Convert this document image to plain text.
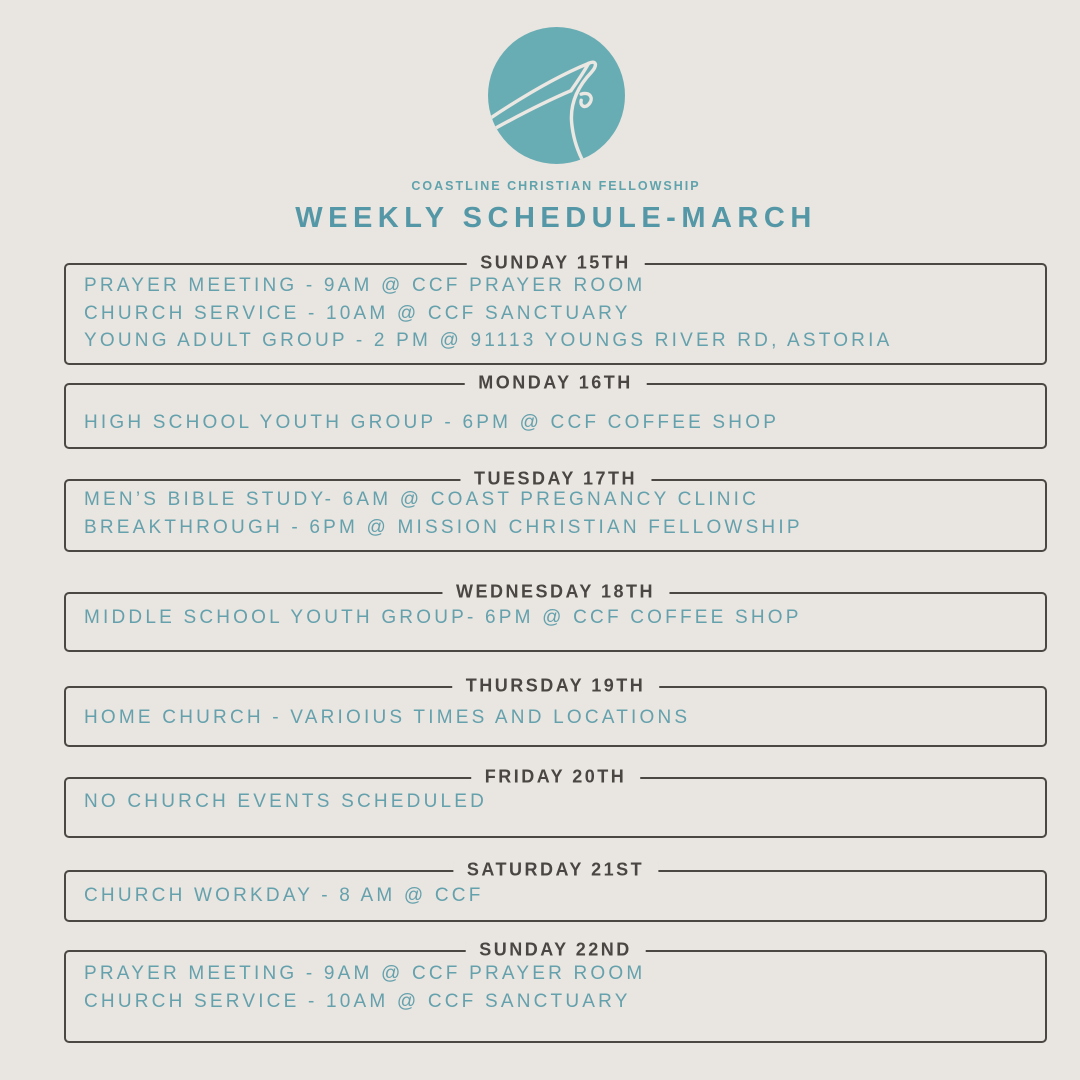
COASTLINE CHRISTIAN FELLOWSHIP
WEEKLY SCHEDULE-MARCH
SUNDAY 15TH

PRAYER MEETING - 9AM @ CCF PRAYER ROOM

CHURCH SERVICE - 10AM @ CCF SANCTUARY

YOUNG ADULT GROUP - 2 PM @ 91113 YOUNGS RIVER RD, ASTORIA

MONDAY 16TH

HIGH SCHOOL YOUTH GROUP - 6PM @ CCF COFFEE SHOP

TUESDAY 17TH

MEN’S BIBLE STUDY- 6AM @ COAST PREGNANCY CLINIC

BREAKTHROUGH - 6PM @ MISSION CHRISTIAN FELLOWSHIP

WEDNESDAY 18TH

MIDDLE SCHOOL YOUTH GROUP- 6PM @ CCF COFFEE SHOP

THURSDAY 19TH

HOME CHURCH - VARIOIUS TIMES AND LOCATIONS

FRIDAY 20TH

NO CHURCH EVENTS SCHEDULED

SATURDAY 21ST

CHURCH WORKDAY - 8 AM @ CCF

SUNDAY 22ND

PRAYER MEETING - 9AM @ CCF PRAYER ROOM

CHURCH SERVICE - 10AM @ CCF SANCTUARY
